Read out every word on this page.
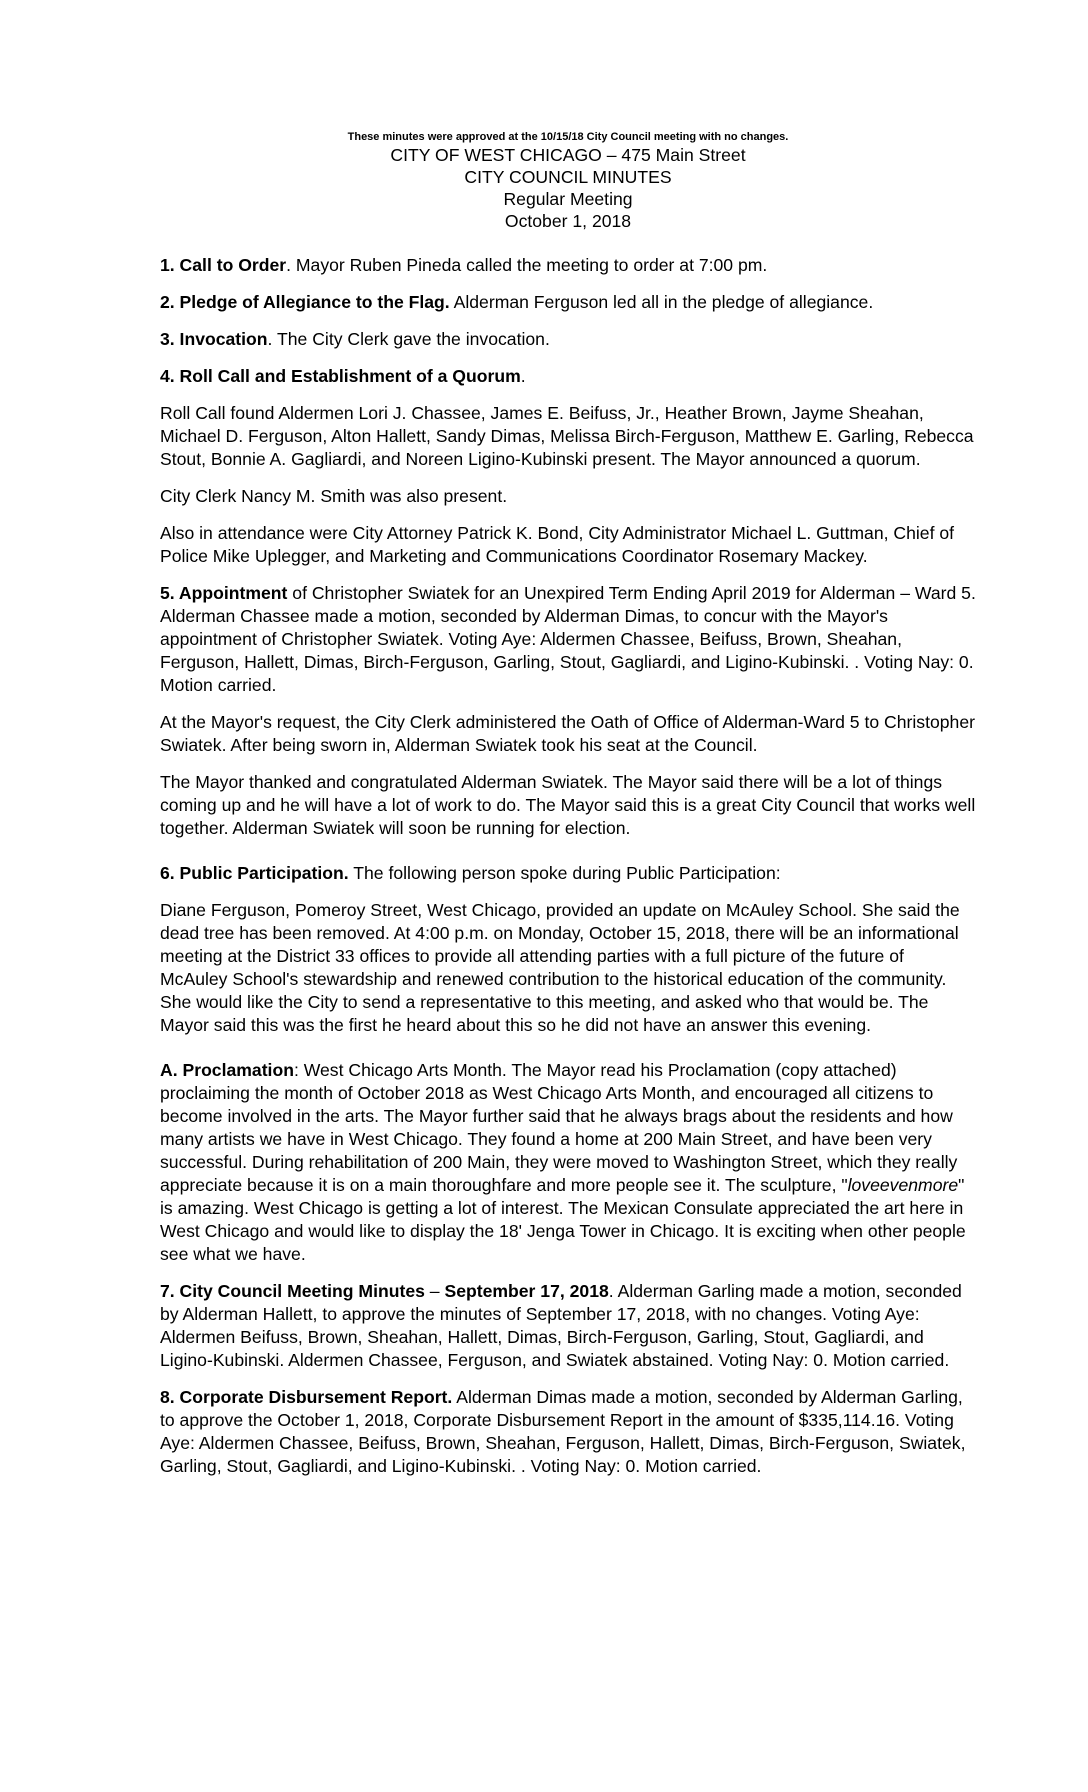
These minutes were approved at the 10/15/18 City Council meeting with no changes.
CITY OF WEST CHICAGO – 475 Main Street
CITY COUNCIL MINUTES
Regular Meeting
October 1, 2018

1. Call to Order. Mayor Ruben Pineda called the meeting to order at 7:00 pm.

2. Pledge of Allegiance to the Flag. Alderman Ferguson led all in the pledge of allegiance.

3. Invocation. The City Clerk gave the invocation.

4. Roll Call and Establishment of a Quorum.

Roll Call found Aldermen Lori J. Chassee, James E. Beifuss, Jr., Heather Brown, Jayme Sheahan, Michael D. Ferguson, Alton Hallett, Sandy Dimas, Melissa Birch-Ferguson, Matthew E. Garling, Rebecca Stout, Bonnie A. Gagliardi, and Noreen Ligino-Kubinski present. The Mayor announced a quorum.

City Clerk Nancy M. Smith was also present.

Also in attendance were City Attorney Patrick K. Bond, City Administrator Michael L. Guttman, Chief of Police Mike Uplegger, and Marketing and Communications Coordinator Rosemary Mackey.

5. Appointment of Christopher Swiatek for an Unexpired Term Ending April 2019 for Alderman – Ward 5. Alderman Chassee made a motion, seconded by Alderman Dimas, to concur with the Mayor's appointment of Christopher Swiatek. Voting Aye: Aldermen Chassee, Beifuss, Brown, Sheahan, Ferguson, Hallett, Dimas, Birch-Ferguson, Garling, Stout, Gagliardi, and Ligino-Kubinski. . Voting Nay: 0. Motion carried.

At the Mayor's request, the City Clerk administered the Oath of Office of Alderman-Ward 5 to Christopher Swiatek. After being sworn in, Alderman Swiatek took his seat at the Council.

The Mayor thanked and congratulated Alderman Swiatek. The Mayor said there will be a lot of things coming up and he will have a lot of work to do. The Mayor said this is a great City Council that works well together. Alderman Swiatek will soon be running for election.

6. Public Participation. The following person spoke during Public Participation:

Diane Ferguson, Pomeroy Street, West Chicago, provided an update on McAuley School. She said the dead tree has been removed. At 4:00 p.m. on Monday, October 15, 2018, there will be an informational meeting at the District 33 offices to provide all attending parties with a full picture of the future of McAuley School's stewardship and renewed contribution to the historical education of the community. She would like the City to send a representative to this meeting, and asked who that would be. The Mayor said this was the first he heard about this so he did not have an answer this evening.

A. Proclamation: West Chicago Arts Month. The Mayor read his Proclamation (copy attached) proclaiming the month of October 2018 as West Chicago Arts Month, and encouraged all citizens to become involved in the arts. The Mayor further said that he always brags about the residents and how many artists we have in West Chicago. They found a home at 200 Main Street, and have been very successful. During rehabilitation of 200 Main, they were moved to Washington Street, which they really appreciate because it is on a main thoroughfare and more people see it. The sculpture, "loveevenmore" is amazing. West Chicago is getting a lot of interest. The Mexican Consulate appreciated the art here in West Chicago and would like to display the 18' Jenga Tower in Chicago. It is exciting when other people see what we have.

7. City Council Meeting Minutes – September 17, 2018. Alderman Garling made a motion, seconded by Alderman Hallett, to approve the minutes of September 17, 2018, with no changes. Voting Aye: Aldermen Beifuss, Brown, Sheahan, Hallett, Dimas, Birch-Ferguson, Garling, Stout, Gagliardi, and Ligino-Kubinski. Aldermen Chassee, Ferguson, and Swiatek abstained. Voting Nay: 0. Motion carried.

8. Corporate Disbursement Report. Alderman Dimas made a motion, seconded by Alderman Garling, to approve the October 1, 2018, Corporate Disbursement Report in the amount of $335,114.16. Voting Aye: Aldermen Chassee, Beifuss, Brown, Sheahan, Ferguson, Hallett, Dimas, Birch-Ferguson, Swiatek, Garling, Stout, Gagliardi, and Ligino-Kubinski. . Voting Nay: 0. Motion carried.
